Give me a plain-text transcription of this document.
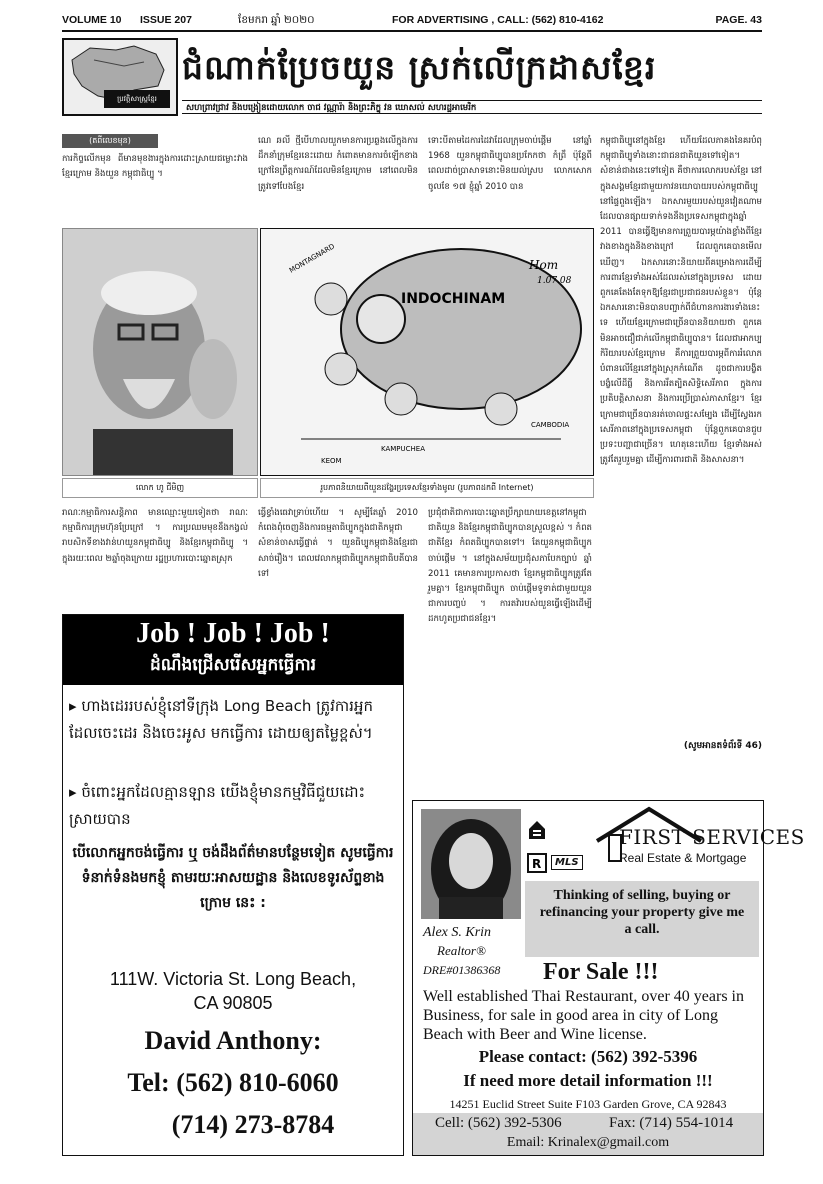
VOLUME 10 ISSUE 207	ខែមករា ឆ្នាំ ២០២០	FOR ADVERTISING , CALL: (562) 810-4162	PAGE. 43
ប្រវត្តិសាស្ត្រខ្មែរ
ជំណាក់ប្រែចយួន ស្រក់លើក្រដាសខ្មែរ
សហព្រាវជ្រាវ និងបង្រៀនដោយលោក ចាជ វណ្ណារ៉ា និងព្រះភិក្ខុ វន ឃោសល់ សហរដ្ឋអាមេរិក
(តពីលេខមុន)
ការកិច្ចលើកមុន ពីមានមុខងារក្នុងការដោះស្រាយជម្លោះវាងខ្មែរក្រោម និងយួន កម្ពុជាធិប្បូ ។
ណេ ឆលី ថ្មីបើហាលយួកមានការប្រឆ្ងងលើក្នុងការដឹកនាំក្រុមខ្មែរនេះដោយ កំពោតមានការចំឡើកខាងក្រៅនៃព្រឹត្តការណ៍ដែលមិនខ្មែរក្រោម នៅពេលមិនត្រូវទៅបែងខ្មែរ
ទោះបីតាមដៃការដៃវាដែលក្រុមចាប់ផ្តើម នៅឆ្នាំ 1968 យួនកម្ពុជាធិប្បូបានប្រកែកថា កំព្រឹ ប៉ុន្តែពីពេលដាច់ប្រាសាទនោះមិនយល់ស្រប លោកសោក ចូលខែ ១៧ ខ្ញុំឆ្នាំ 2010 បាន
កម្ពុជាធិប្បូនៅក្នុងខ្មែរ ហើយដែលភាគងនៃគរបំពុកម្ពុជាធិប្បូទាំងនោះជាជនជាតិយួនទៅទៀត។ សំខាន់ជាងនេះទៅទៀត គឺថាការលោករបស់ខ្មែរ នៅក្នុងសង្គមខ្មែរជាមួយកាវនយោបាយរបស់កម្ពុជាធិប្បូ នៅផ្ទៃពួងឡើង។ ឯកសារមួយរបស់យួនវៀតណាមដែលបានផ្សាយទាក់ទងនឹងប្រទេសកម្ពុជាក្នុងឆ្នាំ 2011 បានធ្វើឱ្យមានការព្រួយបារម្ភយ៉ាងខ្លាំងពីខ្មែរ វាងខាងក្នុងនិងខាងក្រៅ ដែលពួកគេបានមើលឃើញ។ ឯកសារនោះនិយាយពីគម្រោងការដើម្បីការពារខ្មែរទាំងអស់ដែលរស់នៅក្នុងប្រទេស ដោយពួកគេតែងតែទុកឱ្យខ្មែរជាប្រជាជនរបស់ខ្លួន។ ប៉ុន្តែឯកសារនោះមិនបានបញ្ជាក់ពីជំហានការងារទាំងនេះទេ ហើយខ្មែរក្រោមជាច្រើនបាននិយាយថា ពួកគេមិនអាចជឿជាក់លើកម្ពុជាធិប្បូបាន។ ដែលជាអាកប្បកិរិយារបស់ខ្មែរក្រោម គឺការព្រួយបារម្ភពីការរំលោភបំពានលើខ្មែរនៅក្នុងស្រុកកំណើត ដូចជាការបង្ខិតបង្ខំលើដីធ្លី និងការរឹតត្បិតសិទ្ធិសេរីភាព ក្នុងការប្រតិបត្តិសាសនា និងការប្រើប្រាស់ភាសាខ្មែរ។ ខ្មែរក្រោមជាច្រើនបានរត់ចោលផ្ទះសម្បែង ដើម្បីស្វែងរកសេរីភាពនៅក្នុងប្រទេសកម្ពុជា ប៉ុន្តែពួកគេបានជួបប្រទះបញ្ហាជាច្រើន។ ហេតុនេះហើយ ខ្មែរទាំងអស់ត្រូវតែរួបរួមគ្នា ដើម្បីការពារជាតិ និងសាសនា។
(សូមអានតទំព័រទី 46)
លោក ហូ ជីមិញ
INDOCHINAM
Hom
1.07.08
MONTAGNARD
CAMBODIA
KAMPUCHEA
KEOM
រូបភាពនិយាយពីយួនដង្ហែរប្រទេសខ្មែរទាំងមូល (រូបភាពដកពី Internet)
រាណៈកម្មាធិការសន្តិភាព មានឈ្មោះមួយទៀតថា រាណៈកម្មាធិការក្រុមហ៊ុនប្រែក្រៅ ។ ការប្រឈមមុខនឹងកង្វល់រាបសិកទីខាងវាន់ហយួនកម្ពុជាធិប្បូ និងខ្មែរកម្ពុជាធិប្បូ ។ ក្នុងរយៈពេល ២ឆ្នាំចុងក្រោយ រដ្ឋប្រហារបោះឆ្នោតស្រុក
ធ្វើខ្វាំងធេវាទ្រាប់ហើយ ។ សូម្បីតែឆ្នាំ 2010 កំពេងពុំចេញនិងការធម្មតាធិប្បូកក្នុងជាតិកម្ពុជាសំខាន់ចាសធ្វើផ្ទាត់ ។ យួនធិប្បូកម្ពុជានិងខ្មែរជាសាច់រឿង។ ពេលវេលាកម្ពុជាធិប្បូកកម្ពុជាធិបតីបានទៅ
ប្រជុំជាតិជាការបោះឆ្នោតប្រឹក្សាយាយខេត្តនៅកម្ពុជា ជាតិយួន និងខ្មែរកម្ពុជាធិប្បូកបានស្រួលខ្ពស់ ។ កំពតជាតិខ្មែរ កំពតធិប្បូកបានទៅ។ តែយួនកម្ពុជាធិប្បូក ចាប់ផ្តើម ។ នៅក្នុងសម័យប្រជុំសភាបែកច្បាប់ ឆ្នាំ 2011 គេមានការប្រកាសថា ខ្មែរកម្ពុជាធិប្បូកត្រូវតែរួមគ្នា។ ខ្មែរកម្ពុជាធិប្បូក ចាប់ផ្តើមទូទាត់ជាមួយយួនជាការបញ្ចប់ ។ ការតវ៉ារបស់យួនធ្វើឡើងដើម្បីដកហូតប្រជាជនខ្មែរ។
Job ! Job ! Job !
ដំណឹងជ្រើសរើសអ្នកធ្វើការ
▸ ហាងដេររបស់ខ្ញុំនៅទីក្រុង Long Beach ត្រូវការអ្នកដែលចេះដេរ និងចេះអូស មកធ្វើការ ដោយឲ្យតម្លៃខ្ពស់។
▸ ចំពោះអ្នកដែលគ្មានឡាន យើងខ្ញុំមានកម្មវិធីជួយដោះស្រាយបាន
បើលោកអ្នកចង់ធ្វើការ ឬ ចង់ដឹងព័ត៌មានបន្ថែមទៀត សូមធ្វើការទំនាក់ទំនងមកខ្ញុំ តាមរយៈអាសយដ្ឋាន និងលេខទូរស័ព្ទខាងក្រោម នេះ :
111W. Victoria St. Long Beach,
CA 90805
David Anthony:
Tel: (562) 810-6060
(714) 273-8784
R	MLS
FIRST SERVICES
Real Estate & Mortgage
Thinking of selling, buying or refinancing your property give me a call.
Alex S. Krin
Realtor®
DRE#01386368 For Sale !!!
Well established Thai Restaurant, over 40 years in Business, for sale in good area in city of Long Beach with Beer and Wine license.
Please contact: (562) 392-5396
If need more detail information !!!
14251 Euclid Street Suite F103 Garden Grove, CA 92843
Cell: (562) 392-5306	Fax: (714) 554-1014
Email: Krinalex@gmail.com
